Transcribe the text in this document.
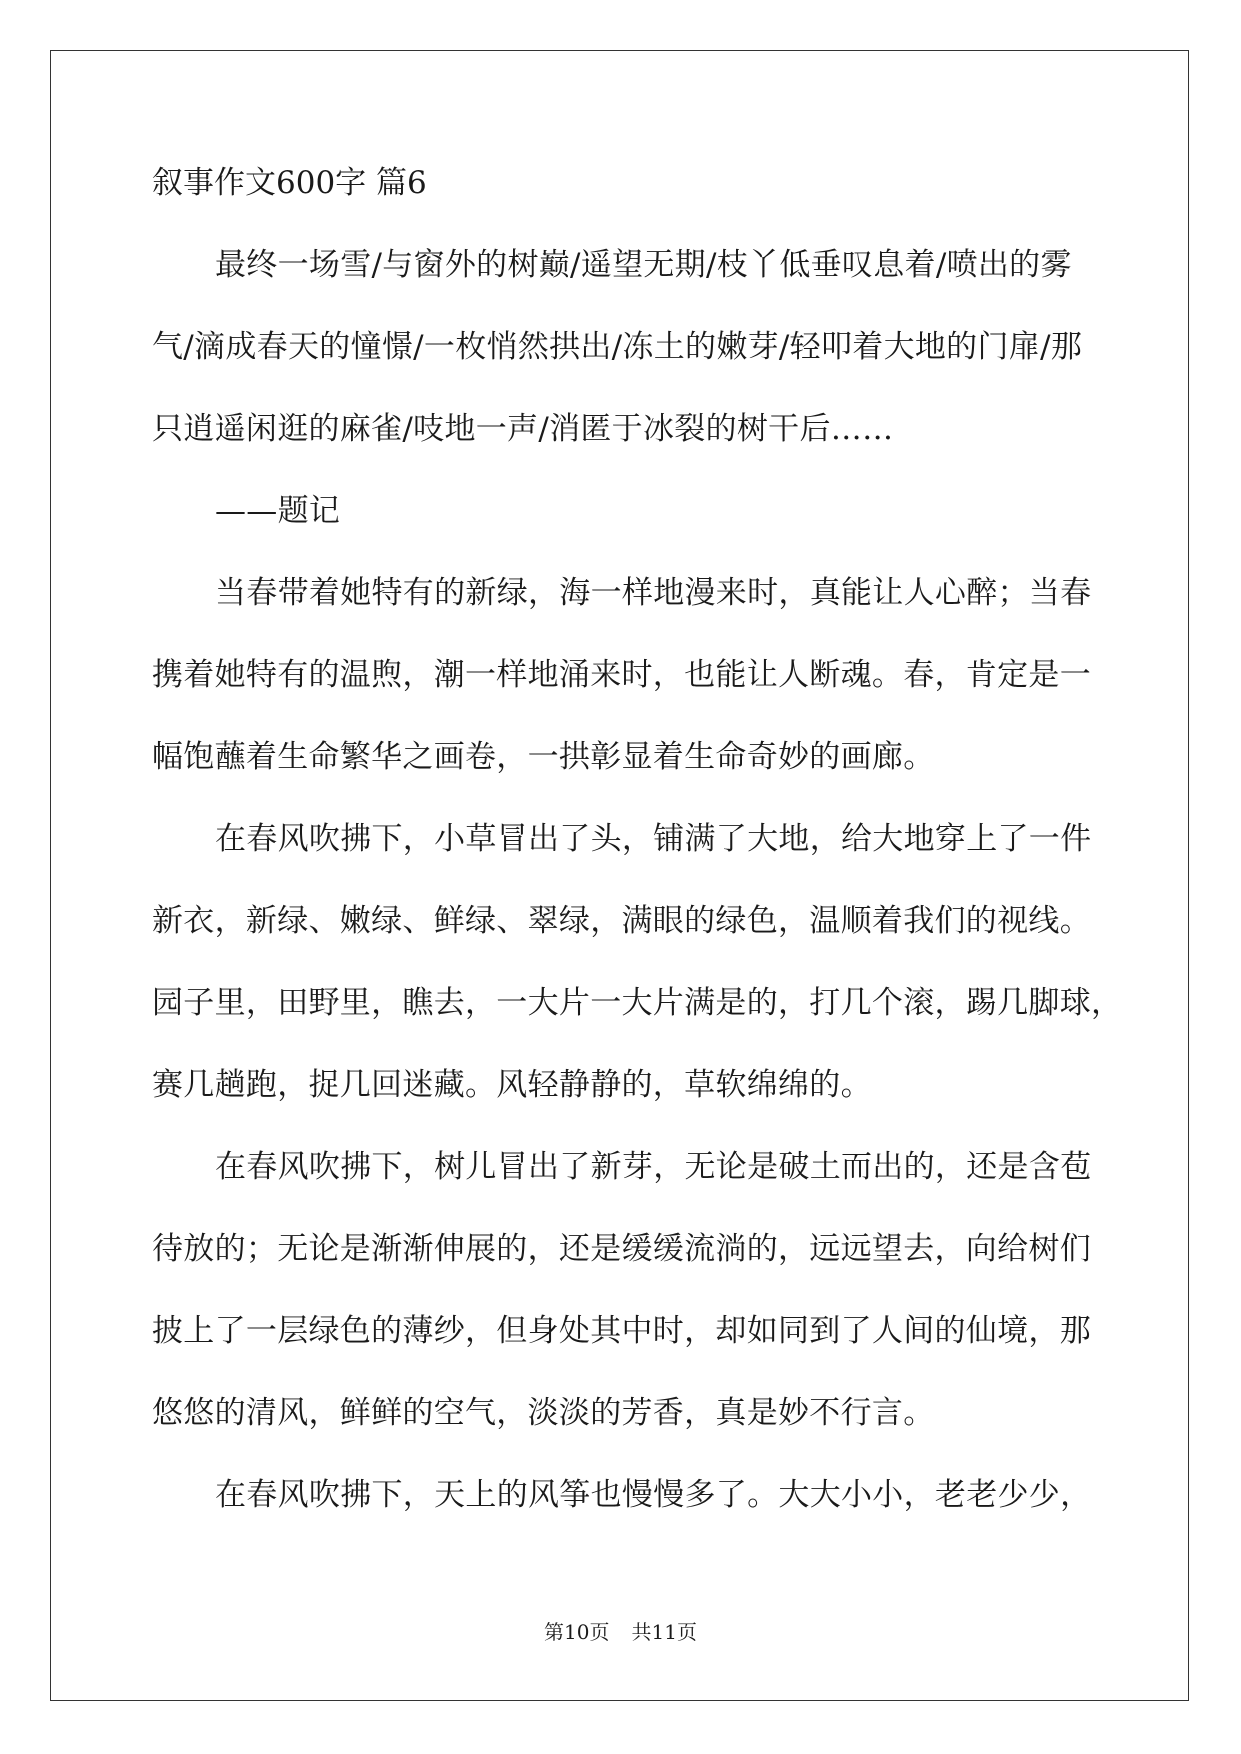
叙事作文600字 篇6
最终一场雪/与窗外的树巅/遥望无期/枝丫低垂叹息着/喷出的雾
气/滴成春天的憧憬/一枚悄然拱出/冻土的嫩芽/轻叩着大地的门扉/那
只逍遥闲逛的麻雀/吱地一声/消匿于冰裂的树干后……
——题记
当春带着她特有的新绿，海一样地漫来时，真能让人心醉；当春
携着她特有的温煦，潮一样地涌来时，也能让人断魂。春，肯定是一
幅饱蘸着生命繁华之画卷，一拱彰显着生命奇妙的画廊。
在春风吹拂下，小草冒出了头，铺满了大地，给大地穿上了一件
新衣，新绿、嫩绿、鲜绿、翠绿，满眼的绿色，温顺着我们的视线。
园子里，田野里，瞧去，一大片一大片满是的，打几个滚，踢几脚球，
赛几趟跑，捉几回迷藏。风轻静静的，草软绵绵的。
在春风吹拂下，树儿冒出了新芽，无论是破土而出的，还是含苞
待放的；无论是渐渐伸展的，还是缓缓流淌的，远远望去，向给树们
披上了一层绿色的薄纱，但身处其中时，却如同到了人间的仙境，那
悠悠的清风，鲜鲜的空气，淡淡的芳香，真是妙不行言。
在春风吹拂下，天上的风筝也慢慢多了。大大小小，老老少少，
第10页 共11页
